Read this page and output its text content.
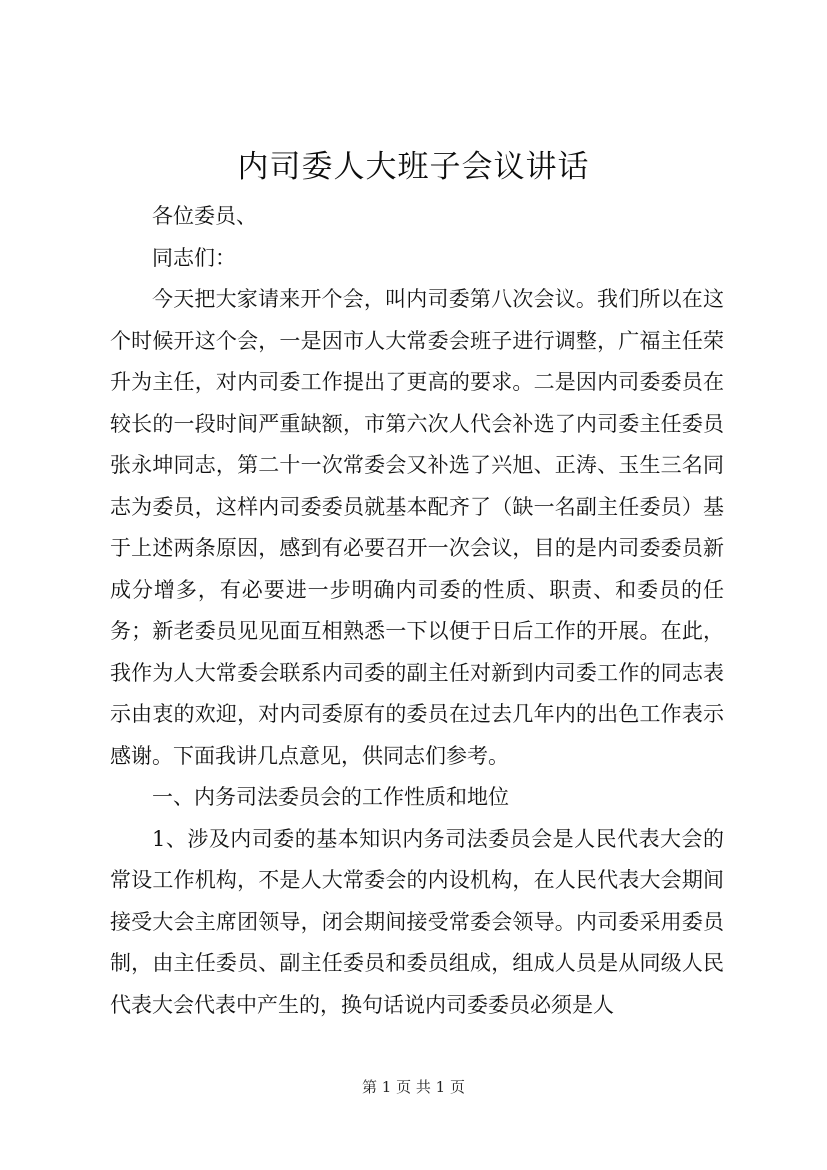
内司委人大班子会议讲话

各位委员、

同志们：

今天把大家请来开个会，叫内司委第八次会议。我们所以在这个时候开这个会，一是因市人大常委会班子进行调整，广福主任荣升为主任，对内司委工作提出了更高的要求。二是因内司委委员在较长的一段时间严重缺额，市第六次人代会补选了内司委主任委员张永坤同志，第二十一次常委会又补选了兴旭、正涛、玉生三名同志为委员，这样内司委委员就基本配齐了（缺一名副主任委员）基于上述两条原因，感到有必要召开一次会议，目的是内司委委员新成分增多，有必要进一步明确内司委的性质、职责、和委员的任务；新老委员见见面互相熟悉一下以便于日后工作的开展。在此，我作为人大常委会联系内司委的副主任对新到内司委工作的同志表示由衷的欢迎，对内司委原有的委员在过去几年内的出色工作表示感谢。下面我讲几点意见，供同志们参考。

一、内务司法委员会的工作性质和地位

1、涉及内司委的基本知识内务司法委员会是人民代表大会的常设工作机构，不是人大常委会的内设机构，在人民代表大会期间接受大会主席团领导，闭会期间接受常委会领导。内司委采用委员制，由主任委员、副主任委员和委员组成，组成人员是从同级人民代表大会代表中产生的，换句话说内司委委员必须是人

第 1 页 共 1 页
